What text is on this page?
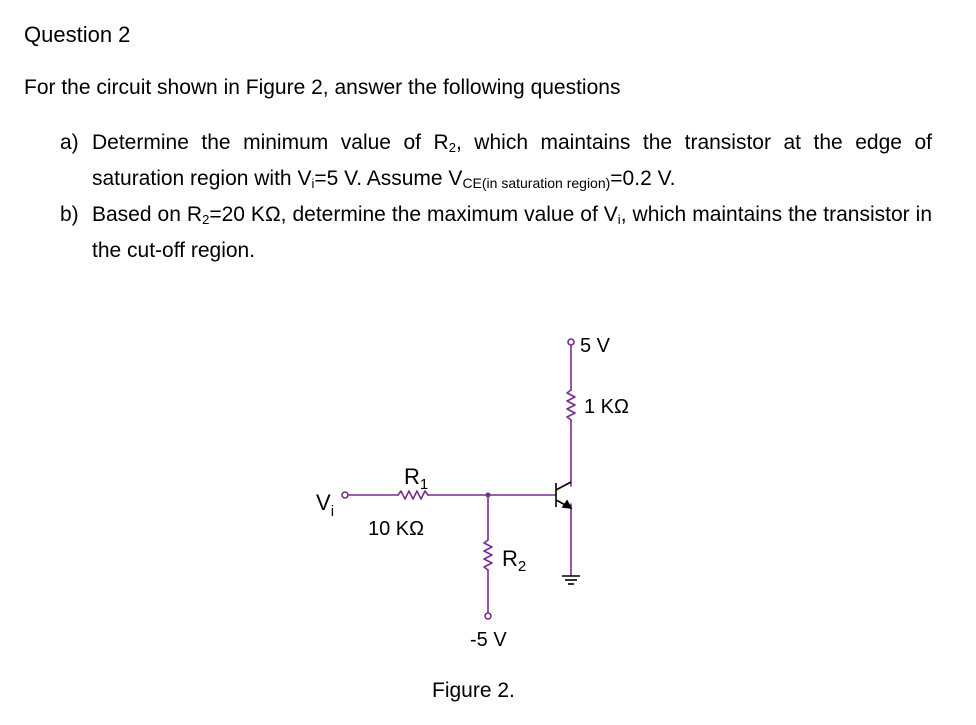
Question 2
For the circuit shown in Figure 2, answer the following questions
a) Determine the minimum value of $R_2$, which maintains the transistor at the edge of saturation region with $V_i=5$ V. Assume $V_{CE(in saturation region)}=0.2$ V.
b) Based on $R_2=20$ KΩ, determine the maximum value of $V_i$, which maintains the transistor in the cut-off region.
5 V
1 KΩ
$R_1$
10 KΩ
$R_2$
$V_i$
-5 V
Figure 2.
